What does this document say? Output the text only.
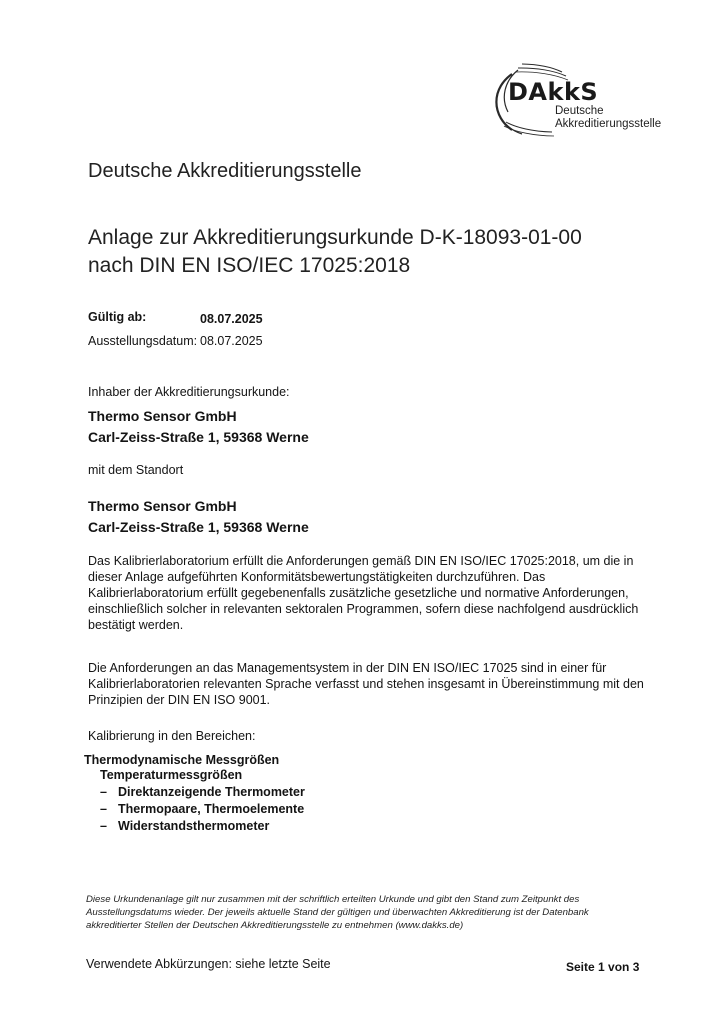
DAkkS
Deutsche
Akkreditierungsstelle
Deutsche Akkreditierungsstelle
Anlage zur Akkreditierungsurkunde D-K-18093-01-00
nach DIN EN ISO/IEC 17025:2018
Gültig ab:	08.07.2025
Ausstellungsdatum: 08.07.2025
Inhaber der Akkreditierungsurkunde:
Thermo Sensor GmbH
Carl-Zeiss-Straße 1, 59368 Werne
mit dem Standort
Thermo Sensor GmbH
Carl-Zeiss-Straße 1, 59368 Werne
Das Kalibrierlaboratorium erfüllt die Anforderungen gemäß DIN EN ISO/IEC 17025:2018, um die in
dieser Anlage aufgeführten Konformitätsbewertungstätigkeiten durchzuführen. Das
Kalibrierlaboratorium erfüllt gegebenenfalls zusätzliche gesetzliche und normative Anforderungen,
einschließlich solcher in relevanten sektoralen Programmen, sofern diese nachfolgend ausdrücklich
bestätigt werden.
Die Anforderungen an das Managementsystem in der DIN EN ISO/IEC 17025 sind in einer für
Kalibrierlaboratorien relevanten Sprache verfasst und stehen insgesamt in Übereinstimmung mit den
Prinzipien der DIN EN ISO 9001.
Kalibrierung in den Bereichen:
Thermodynamische Messgrößen
Temperaturmessgrößen
– Direktanzeigende Thermometer
– Thermopaare, Thermoelemente
– Widerstandsthermometer
Diese Urkundenanlage gilt nur zusammen mit der schriftlich erteilten Urkunde und gibt den Stand zum Zeitpunkt des
Ausstellungsdatums wieder. Der jeweils aktuelle Stand der gültigen und überwachten Akkreditierung ist der Datenbank
akkreditierter Stellen der Deutschen Akkreditierungsstelle zu entnehmen (www.dakks.de)
Verwendete Abkürzungen: siehe letzte Seite	Seite 1 von 3
